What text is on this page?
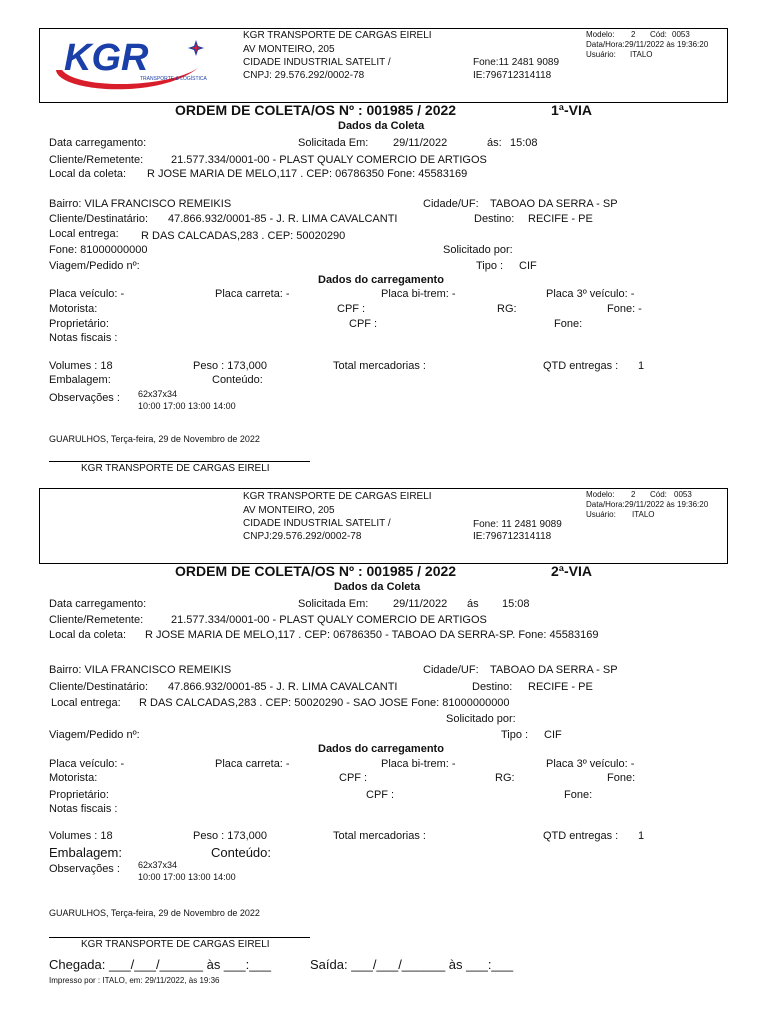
KGR
TRANSPORTE & LOGÍSTICA
KGR TRANSPORTE DE CARGAS EIRELI
AV MONTEIRO, 205
CIDADE INDUSTRIAL SATELIT /
CNPJ: 29.576.292/0002-78
Fone:11 2481 9089
IE:796712314118
Modelo: 2 Cód: 0053
Data/Hora:29/11/2022 às 19:36:20
Usuário: ITALO
ORDEM DE COLETA/OS Nº : 001985 / 2022	1ª-VIA
Dados da Coleta
Data carregamento:	Solicitada Em: 29/11/2022	ás: 15:08
Cliente/Remetente:	21.577.334/0001-00 - PLAST QUALY COMERCIO DE ARTIGOS
Local da coleta: R JOSE MARIA DE MELO,117 . CEP: 06786350 Fone: 45583169
Bairro: VILA FRANCISCO REMEIKIS	Cidade/UF: TABOAO DA SERRA - SP
Cliente/Destinatário: 47.866.932/0001-85 - J. R. LIMA CAVALCANTI	Destino: RECIFE - PE
Local entrega: R DAS CALCADAS,283 . CEP: 50020290
Fone: 81000000000	Solicitado por:
Viagem/Pedido nº:	Tipo : CIF
Dados do carregamento
Placa veículo: -	Placa carreta: -	Placa bi-trem: -	Placa 3º veículo: -
Motorista:	CPF :	RG:	Fone: -
Proprietário:	CPF :	Fone:
Notas fiscais :
Volumes : 18	Peso : 173,000	Total mercadorias :	QTD entregas : 1
Embalagem:	Conteúdo:
Observações : 62x37x34
10:00 17:00 13:00 14:00
GUARULHOS, Terça-feira, 29 de Novembro de 2022
KGR TRANSPORTE DE CARGAS EIRELI
KGR TRANSPORTE DE CARGAS EIRELI
AV MONTEIRO, 205
CIDADE INDUSTRIAL SATELIT /
CNPJ:29.576.292/0002-78
Fone: 11 2481 9089
IE:796712314118
Modelo: 2 Cód: 0053
Data/Hora:29/11/2022 às 19:36:20
Usuário: ITALO
ORDEM DE COLETA/OS Nº : 001985 / 2022	2ª-VIA
Dados da Coleta
Data carregamento:	Solicitada Em: 29/11/2022 ás 15:08
Cliente/Remetente:	21.577.334/0001-00 - PLAST QUALY COMERCIO DE ARTIGOS
Local da coleta: R JOSE MARIA DE MELO,117 . CEP: 06786350 - TABOAO DA SERRA-SP. Fone: 45583169
Bairro: VILA FRANCISCO REMEIKIS	Cidade/UF: TABOAO DA SERRA - SP
Cliente/Destinatário: 47.866.932/0001-85 - J. R. LIMA CAVALCANTI	Destino: RECIFE - PE
Local entrega: R DAS CALCADAS,283 . CEP: 50020290 - SAO JOSE Fone: 81000000000
Solicitado por:
Viagem/Pedido nº:	Tipo : CIF
Dados do carregamento
Placa veículo: -	Placa carreta: -	Placa bi-trem: -	Placa 3º veículo: -
Motorista:	CPF :	RG:	Fone:
Proprietário:	CPF :	Fone:
Notas fiscais :
Volumes : 18	Peso : 173,000	Total mercadorias :	QTD entregas : 1
Embalagem:	Conteúdo:
Observações : 62x37x34
10:00 17:00 13:00 14:00
GUARULHOS, Terça-feira, 29 de Novembro de 2022
KGR TRANSPORTE DE CARGAS EIRELI
Chegada: ___/___/______ às ___:___	Saída: ___/___/______ às ___:___
Impresso por : ITALO, em: 29/11/2022, às 19:36
